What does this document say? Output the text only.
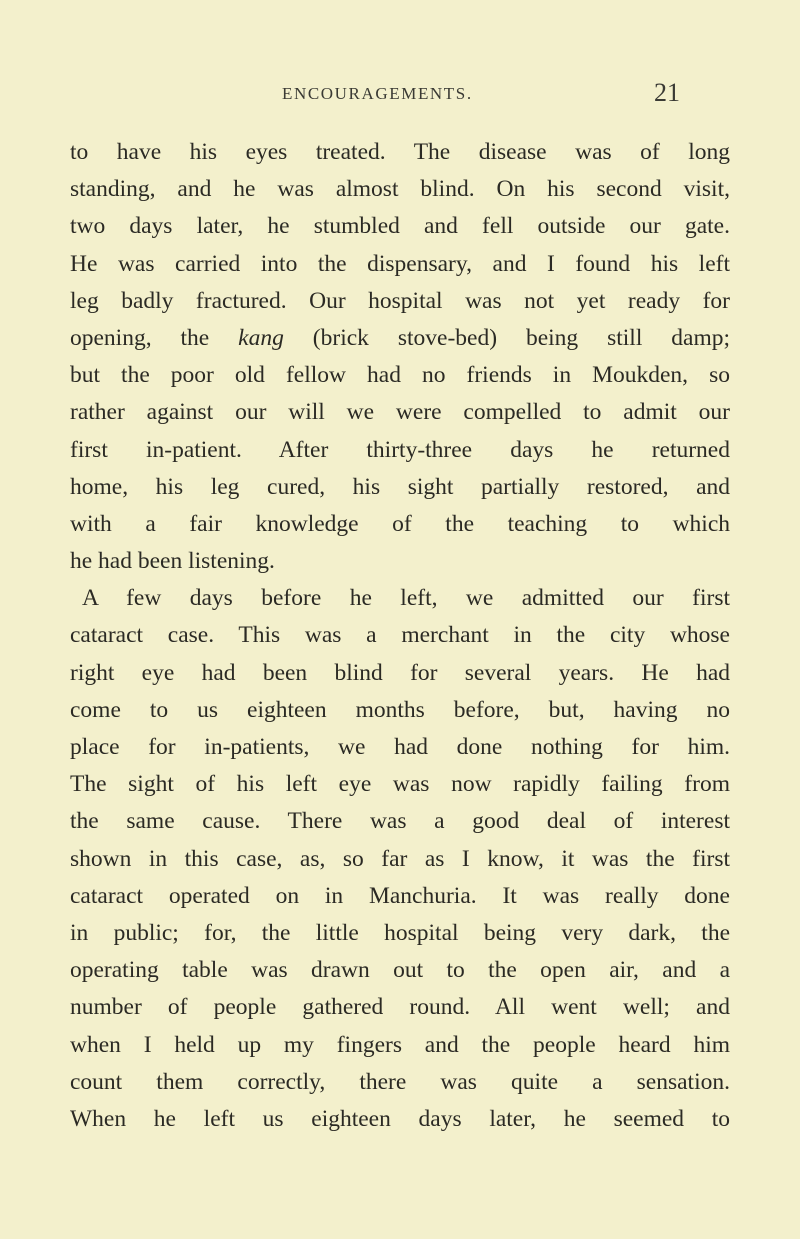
ENCOURAGEMENTS.	21
to have his eyes treated. The disease was of long
standing, and he was almost blind. On his second visit,
two days later, he stumbled and fell outside our gate.
He was carried into the dispensary, and I found his left
leg badly fractured. Our hospital was not yet ready for
opening, the kang (brick stove-bed) being still damp;
but the poor old fellow had no friends in Moukden, so
rather against our will we were compelled to admit our
first in-patient. After thirty-three days he returned
home, his leg cured, his sight partially restored, and
with a fair knowledge of the teaching to which
he had been listening.
A few days before he left, we admitted our first
cataract case. This was a merchant in the city whose
right eye had been blind for several years. He had
come to us eighteen months before, but, having no
place for in-patients, we had done nothing for him.
The sight of his left eye was now rapidly failing from
the same cause. There was a good deal of interest
shown in this case, as, so far as I know, it was the first
cataract operated on in Manchuria. It was really done
in public; for, the little hospital being very dark, the
operating table was drawn out to the open air, and a
number of people gathered round. All went well; and
when I held up my fingers and the people heard him
count them correctly, there was quite a sensation.
When he left us eighteen days later, he seemed to
